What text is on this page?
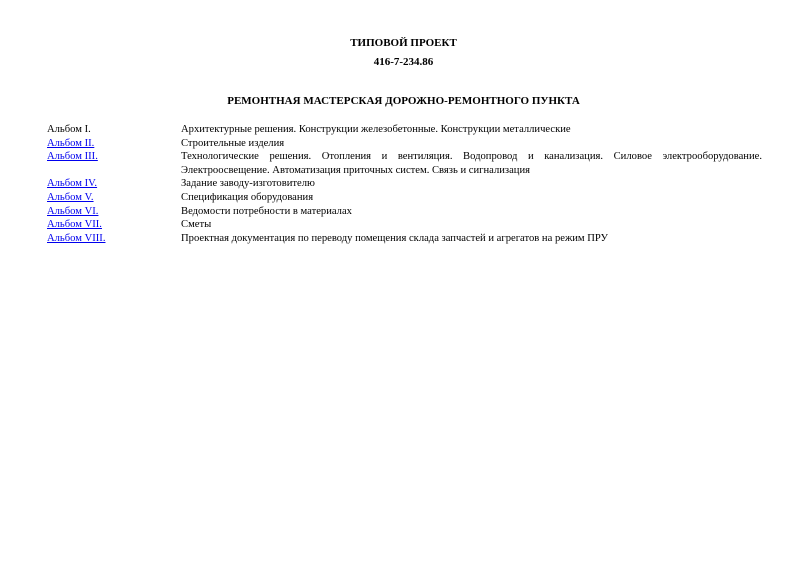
ТИПОВОЙ ПРОЕКТ
416-7-234.86
РЕМОНТНАЯ МАСТЕРСКАЯ ДОРОЖНО-РЕМОНТНОГО ПУНКТА
Альбом I.	Архитектурные решения. Конструкции железобетонные. Конструкции металлические
Альбом II.	Строительные изделия
Альбом III.	Технологические решения. Отопления и вентиляция. Водопровод и канализация. Силовое электрооборудование. Электроосвещение. Автоматизация приточных систем. Связь и сигнализация
Альбом IV.	Задание заводу-изготовителю
Альбом V.	Спецификация оборудования
Альбом VI.	Ведомости потребности в материалах
Альбом VII.	Сметы
Альбом VIII.	Проектная документация по переводу помещения склада запчастей и агрегатов на режим ПРУ
